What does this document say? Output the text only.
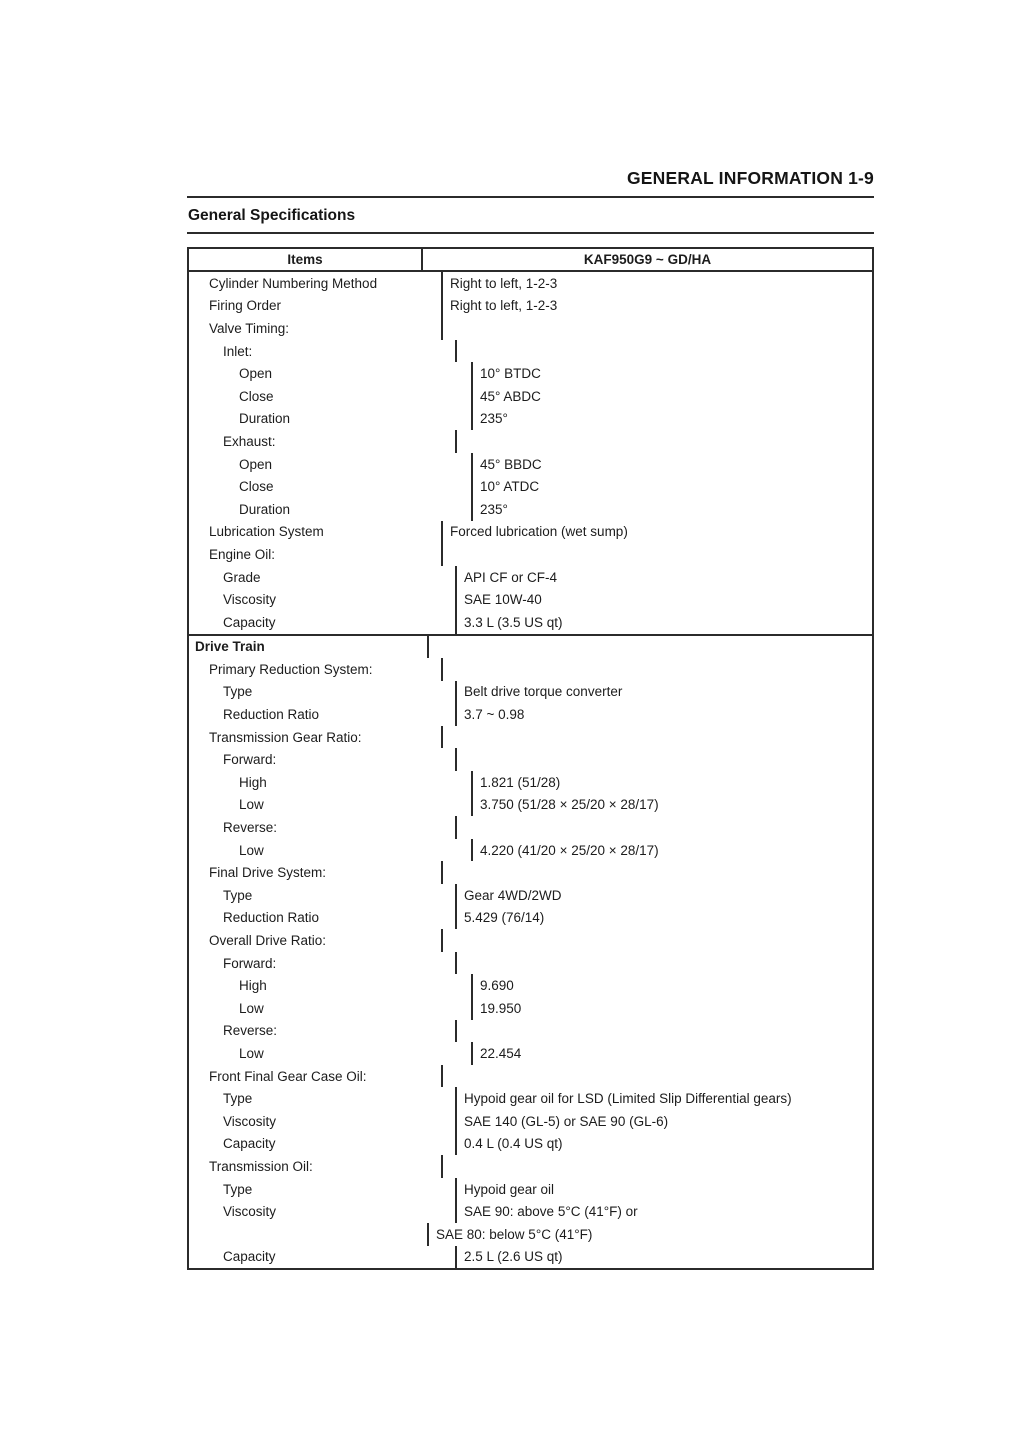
GENERAL INFORMATION 1-9
General Specifications
Items	KAF950G9 ~ GD/HA
Cylinder Numbering Method	Right to left, 1-2-3
Firing Order	Right to left, 1-2-3
Valve Timing:
Inlet:
Open	10° BTDC
Close	45° ABDC
Duration	235°
Exhaust:
Open	45° BBDC
Close	10° ATDC
Duration	235°
Lubrication System	Forced lubrication (wet sump)
Engine Oil:
Grade	API CF or CF-4
Viscosity	SAE 10W-40
Capacity	3.3 L (3.5 US qt)
Drive Train
Primary Reduction System:
Type	Belt drive torque converter
Reduction Ratio	3.7 ~ 0.98
Transmission Gear Ratio:
Forward:
High	1.821 (51/28)
Low	3.750 (51/28 × 25/20 × 28/17)
Reverse:
Low	4.220 (41/20 × 25/20 × 28/17)
Final Drive System:
Type	Gear 4WD/2WD
Reduction Ratio	5.429 (76/14)
Overall Drive Ratio:
Forward:
High	9.690
Low	19.950
Reverse:
Low	22.454
Front Final Gear Case Oil:
Type	Hypoid gear oil for LSD (Limited Slip Differential gears)
Viscosity	SAE 140 (GL-5) or SAE 90 (GL-6)
Capacity	0.4 L (0.4 US qt)
Transmission Oil:
Type	Hypoid gear oil
Viscosity	SAE 90: above 5°C (41°F) or
SAE 80: below 5°C (41°F)
Capacity	2.5 L (2.6 US qt)
